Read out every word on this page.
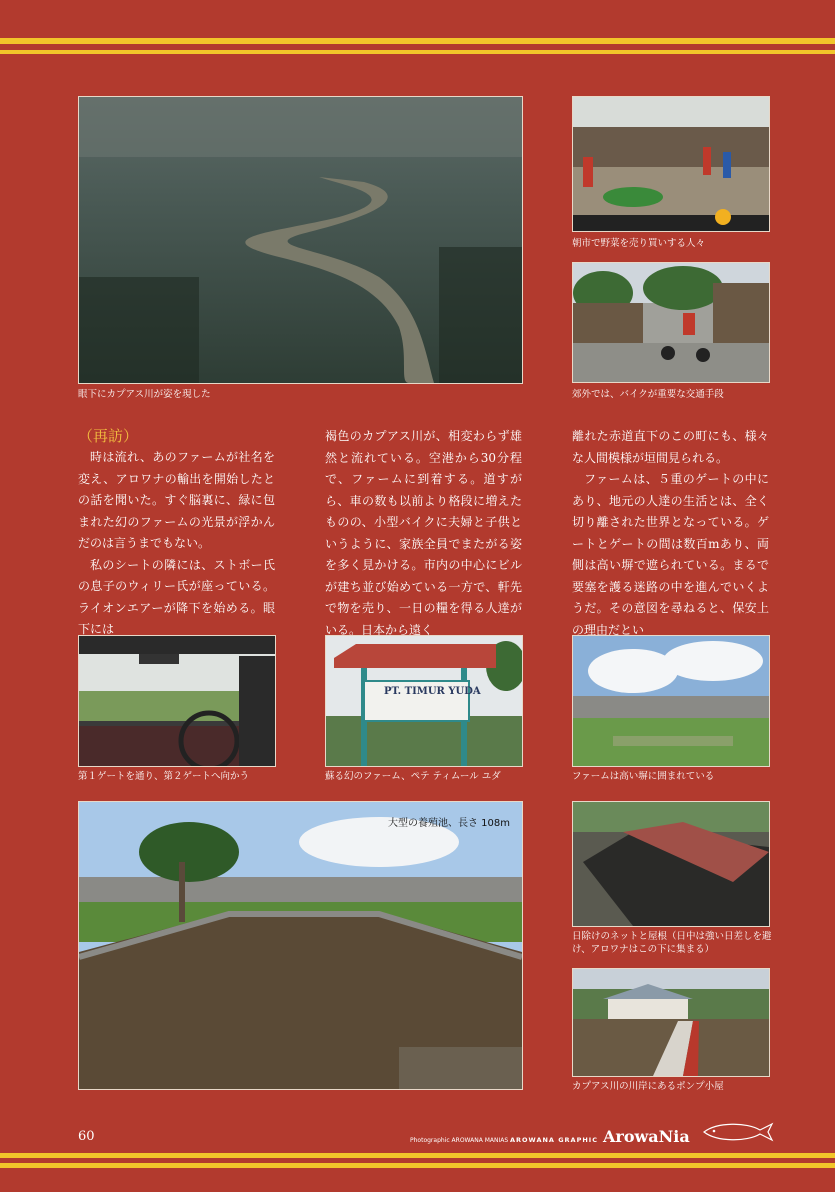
眼下にカプアス川が姿を現した
朝市で野菜を売り買いする人々
郊外では、バイクが重要な交通手段
（再訪）

時は流れ、あのファームが社名を変え、アロワナの輸出を開始したとの話を聞いた。すぐ脳裏に、緑に包まれた幻のファームの光景が浮かんだのは言うまでもない。

私のシートの隣には、ストボー氏の息子のウィリー氏が座っている。ライオンエアーが降下を始める。眼下には

褐色のカプアス川が、相変わらず雄然と流れている。空港から30分程で、ファームに到着する。道すがら、車の数も以前より格段に増えたものの、小型バイクに夫婦と子供というように、家族全員でまたがる姿を多く見かける。市内の中心にビルが建ち並び始めている一方で、軒先で物を売り、一日の糧を得る人達がいる。日本から遠く

離れた赤道直下のこの町にも、様々な人間模様が垣間見られる。

ファームは、５重のゲートの中にあり、地元の人達の生活とは、全く切り離された世界となっている。ゲートとゲートの間は数百mあり、両側は高い塀で遮られている。まるで要塞を護る迷路の中を進んでいくようだ。その意図を尋ねると、保安上の理由だとい

第１ゲートを通り、第２ゲートへ向かう
PT. TIMUR YUDA
蘇る幻のファーム、ペテ ティムール ユダ	ファームは高い塀に囲まれている
大型の養殖池、長さ 108m
日除けのネットと屋根（日中は強い日差しを避け、アロワナはこの下に集まる）
カプアス川の川岸にあるポンプ小屋
60	Photographic AROWANA MANIAS AROWANA GRAPHIC ArowaNia
